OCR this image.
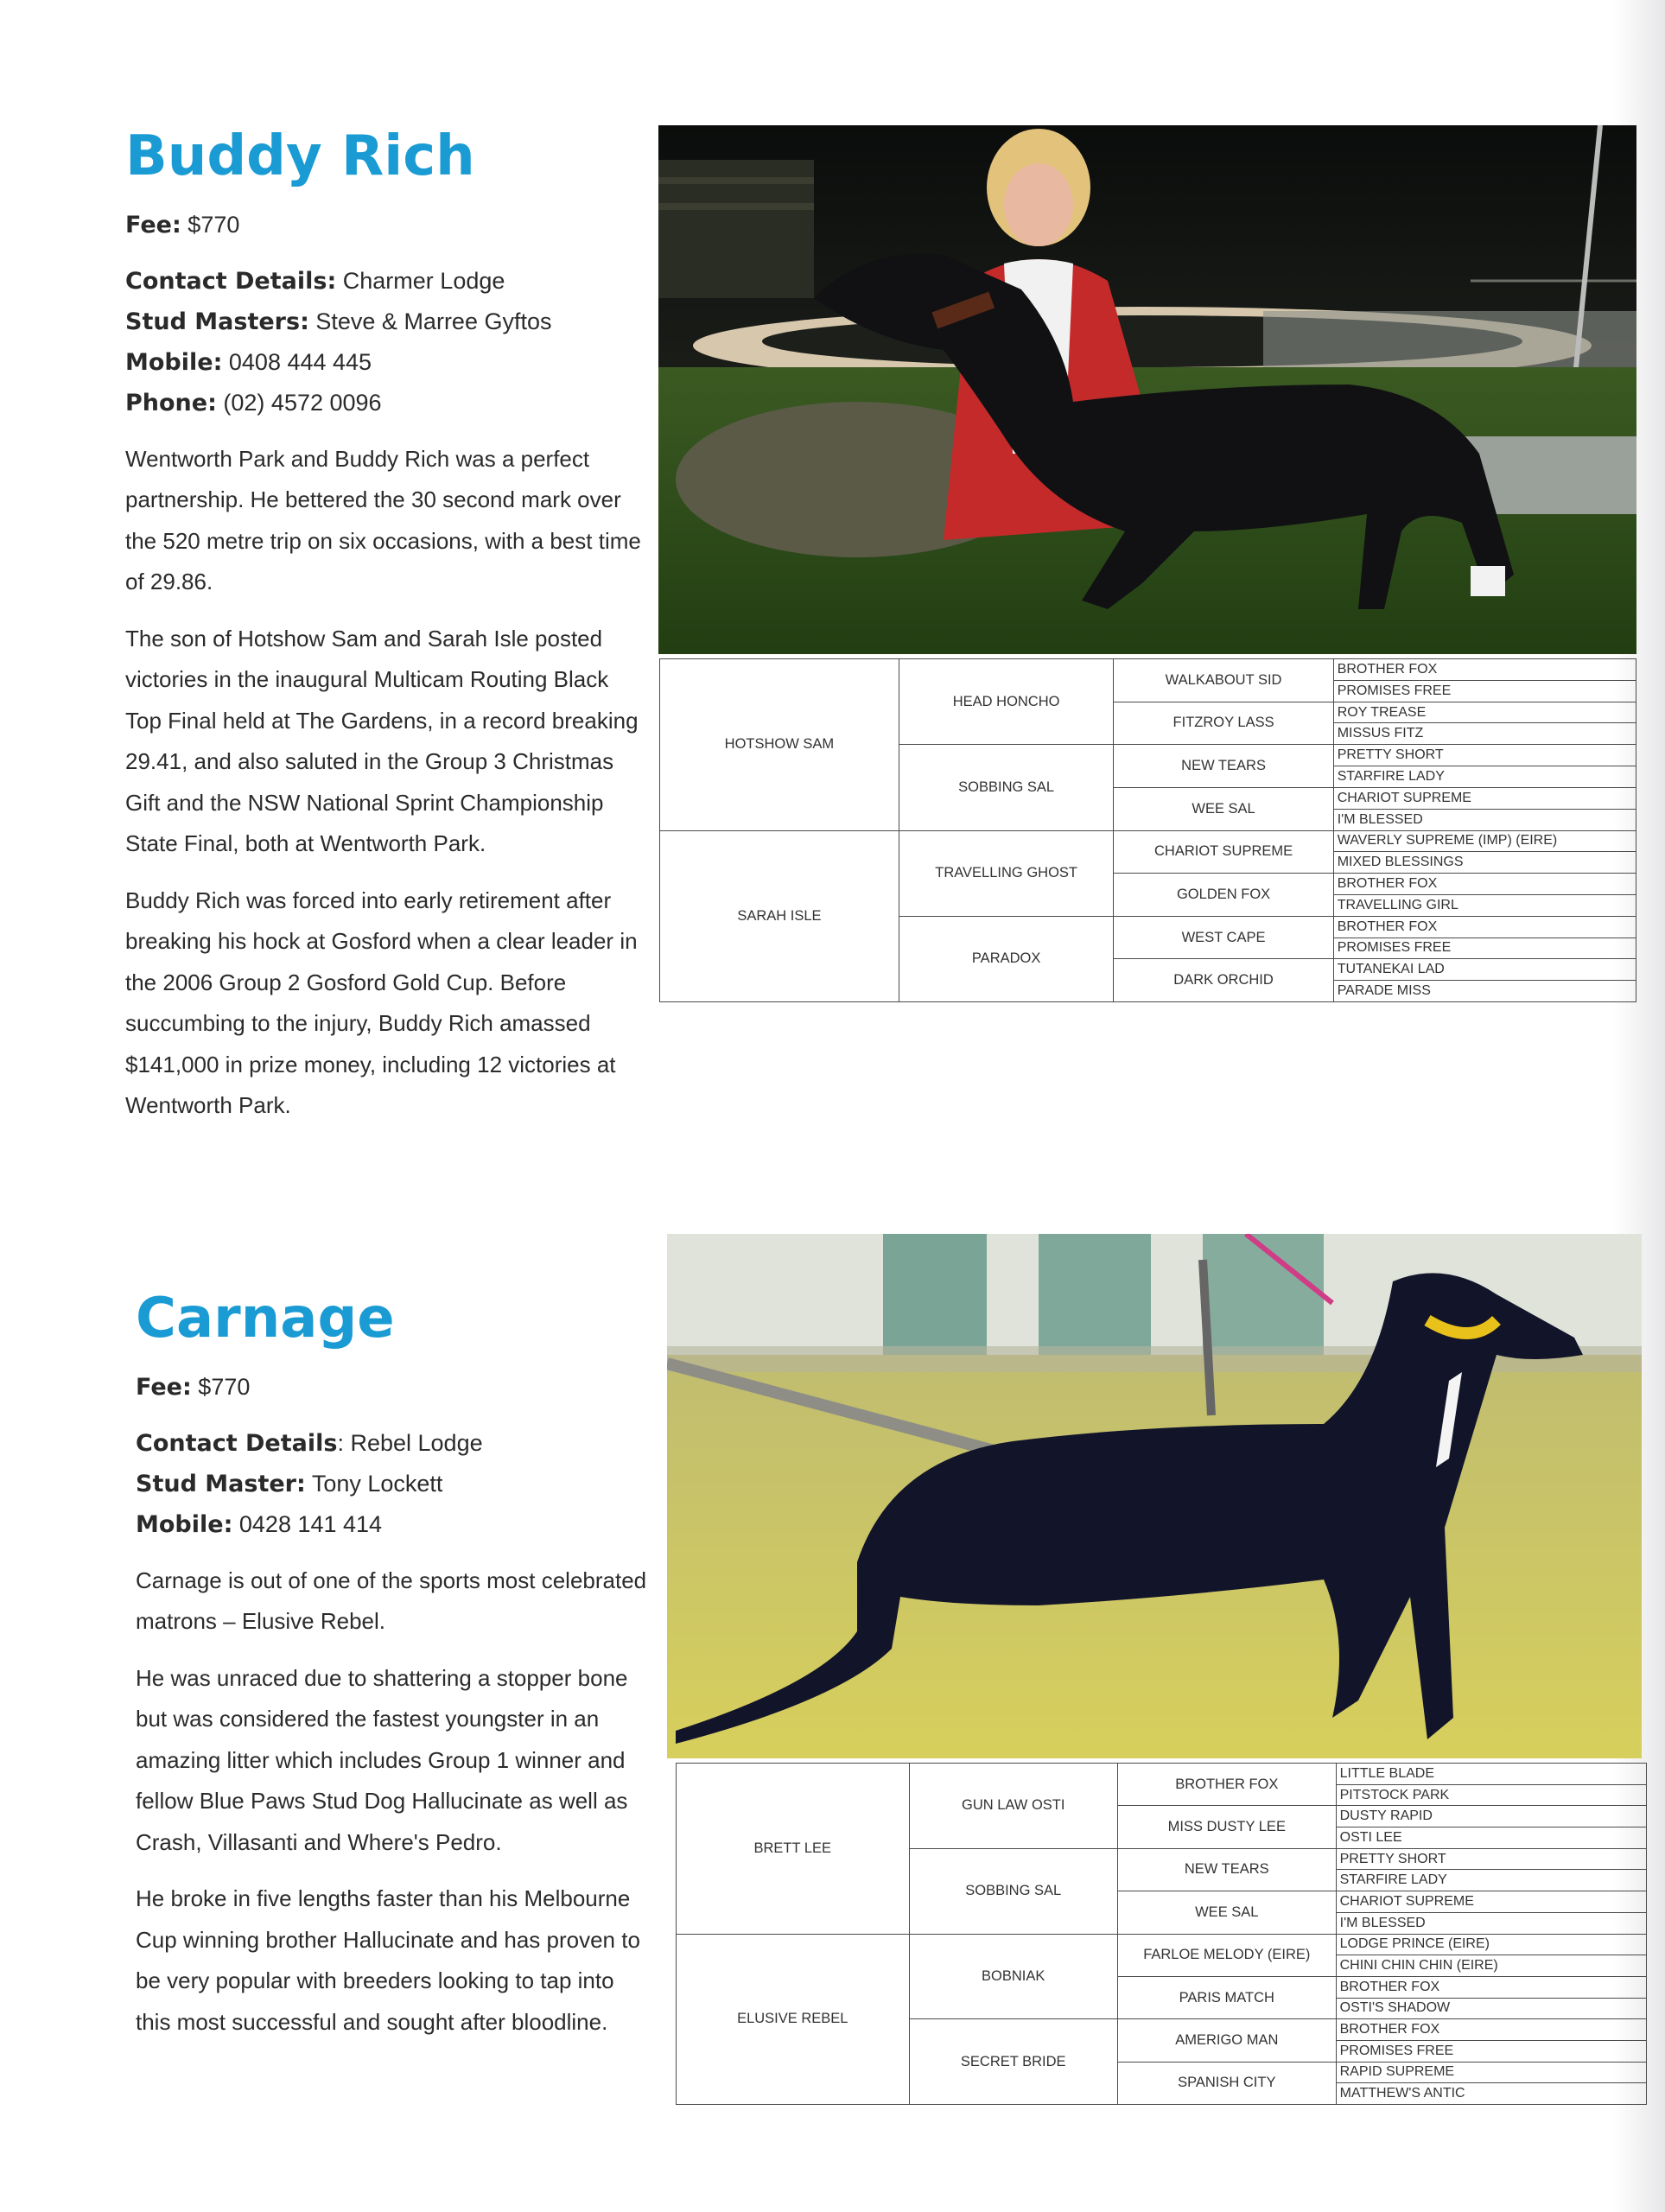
Buddy Rich

Fee: $770

Contact Details: Charmer Lodge

Stud Masters: Steve & Marree Gyftos

Mobile: 0408 444 445

Phone: (02) 4572 0096

Wentworth Park and Buddy Rich was a perfect partnership. He bettered the 30 second mark over the 520 metre trip on six occasions, with a best time of 29.86.

The son of Hotshow Sam and Sarah Isle posted victories in the inaugural Multicam Routing Black Top Final held at The Gardens, in a record breaking 29.41, and also saluted in the Group 3 Christmas Gift and the NSW National Sprint Championship State Final, both at Wentworth Park.

Buddy Rich was forced into early retirement after breaking his hock at Gosford when a clear leader in the 2006 Group 2 Gosford Gold Cup. Before succumbing to the injury, Buddy Rich amassed $141,000 in prize money, including 12 victories at Wentworth Park.

HOTSHOW SAM	HEAD HONCHO	WALKABOUT SID	BROTHER FOX
			PROMISES FREE
		FITZROY LASS	ROY TREASE
			MISSUS FITZ
	SOBBING SAL	NEW TEARS	PRETTY SHORT
			STARFIRE LADY
		WEE SAL	CHARIOT SUPREME
			I'M BLESSED
SARAH ISLE	TRAVELLING GHOST	CHARIOT SUPREME	WAVERLY SUPREME (IMP) (EIRE)
			MIXED BLESSINGS
		GOLDEN FOX	BROTHER FOX
			TRAVELLING GIRL
	PARADOX	WEST CAPE	BROTHER FOX
			PROMISES FREE
		DARK ORCHID	TUTANEKAI LAD
			PARADE MISS
Carnage

Fee: $770

Contact Details: Rebel Lodge

Stud Master: Tony Lockett

Mobile: 0428 141 414

Carnage is out of one of the sports most celebrated matrons – Elusive Rebel.

He was unraced due to shattering a stopper bone but was considered the fastest youngster in an amazing litter which includes Group 1 winner and fellow Blue Paws Stud Dog Hallucinate as well as Crash, Villasanti and Where's Pedro.

He broke in five lengths faster than his Melbourne Cup winning brother Hallucinate and has proven to be very popular with breeders looking to tap into this most successful and sought after bloodline.

BRETT LEE	GUN LAW OSTI	BROTHER FOX	LITTLE BLADE
			PITSTOCK PARK
		MISS DUSTY LEE	DUSTY RAPID
			OSTI LEE
	SOBBING SAL	NEW TEARS	PRETTY SHORT
			STARFIRE LADY
		WEE SAL	CHARIOT SUPREME
			I'M BLESSED
ELUSIVE REBEL	BOBNIAK	FARLOE MELODY (EIRE)	LODGE PRINCE (EIRE)
			CHINI CHIN CHIN (EIRE)
		PARIS MATCH	BROTHER FOX
			OSTI'S SHADOW
	SECRET BRIDE	AMERIGO MAN	BROTHER FOX
			PROMISES FREE
		SPANISH CITY	RAPID SUPREME
			MATTHEW'S ANTIC
